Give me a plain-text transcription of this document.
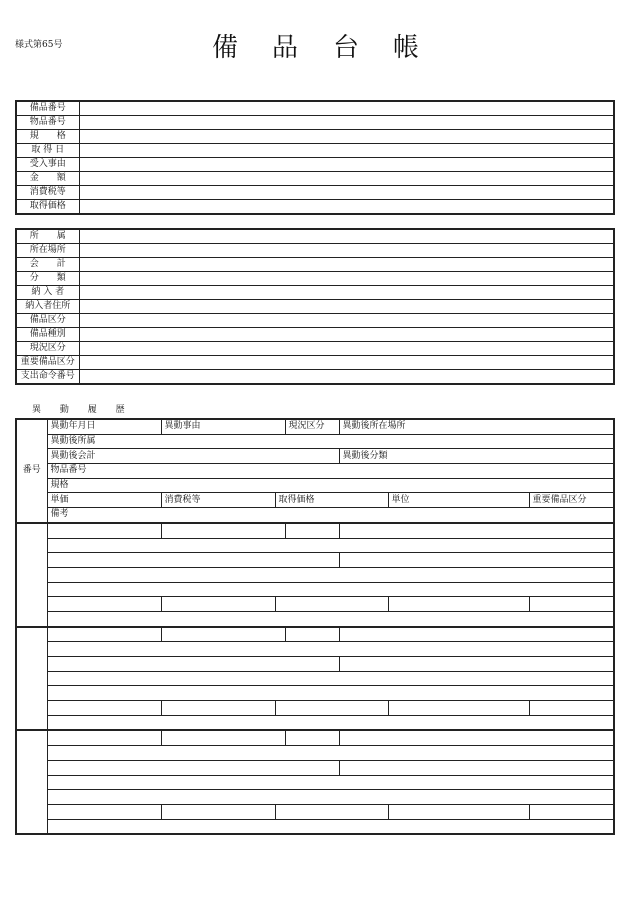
様式第65号	備 品 台 帳
備品番号	
物品番号	
規　　格	
取 得 日	
受入事由	
金　　額	
消費税等	
取得価格	
所　　属	
所在場所	
会　　計	
分　　類	
納 入 者	
納入者住所	
備品区分	
備品種別	
現況区分	
重要備品区分	
支出命令番号	
異 動 履 歴
番号	異動年月日	異動事由		現況区分	異動後所在場所		
	異動後所属						
	異動後会計				異動後分類		
	物品番号						
	規格						
	単価	消費税等	取得価格			単位	重要備品区分
	備考						
